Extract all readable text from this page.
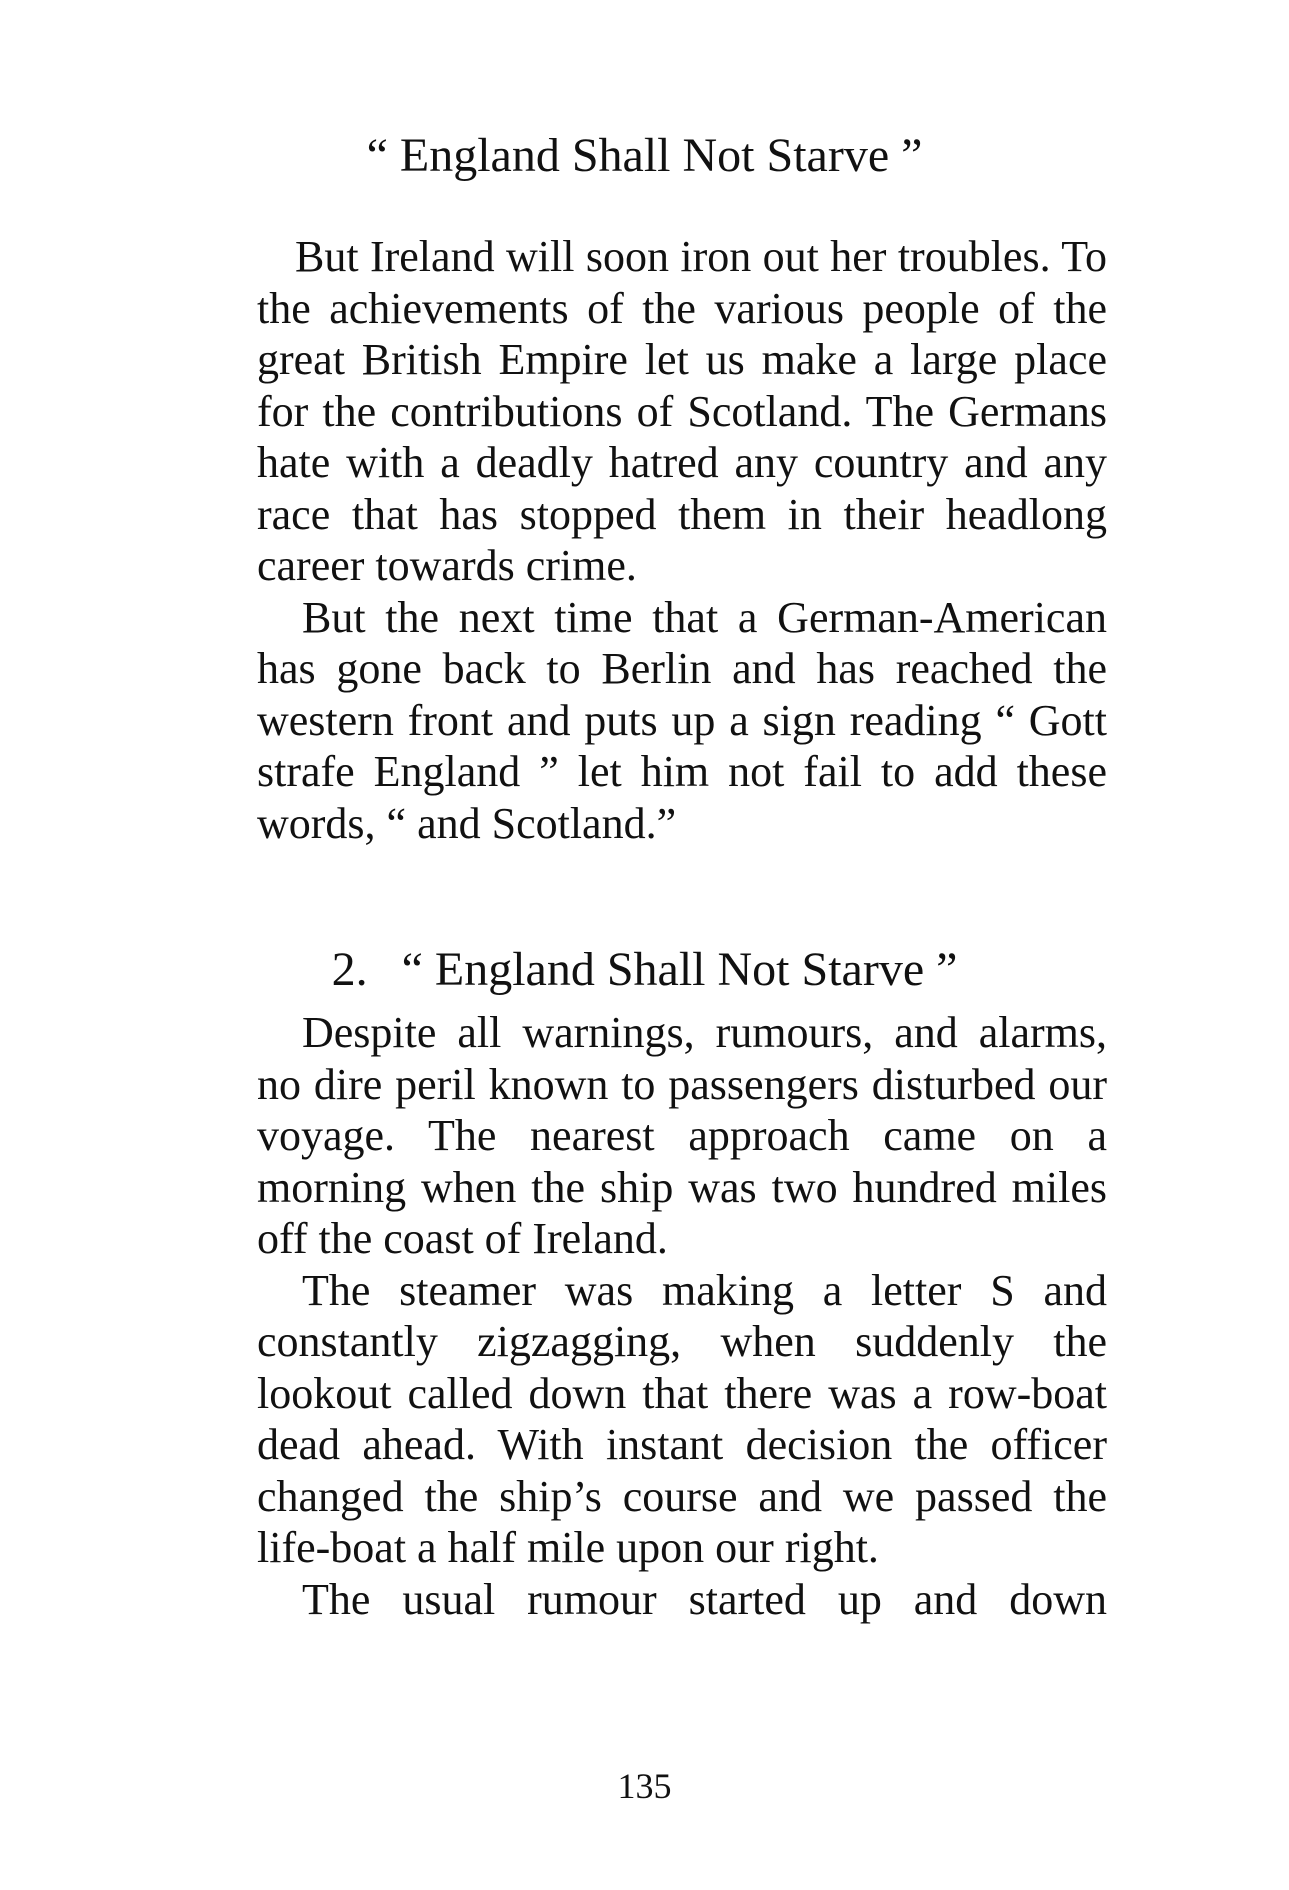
“ England Shall Not Starve ”

But Ireland will soon iron out her troubles. To the achievements of the various people of the great British Empire let us make a large place for the contributions of Scotland. The Germans hate with a deadly hatred any country and any race that has stopped them in their headlong career towards crime.

But the next time that a German-American has gone back to Berlin and has reached the western front and puts up a sign reading “ Gott strafe England ” let him not fail to add these words, “ and Scotland.”

2. “ England Shall Not Starve ”

Despite all warnings, rumours, and alarms, no dire peril known to passengers disturbed our voyage. The nearest approach came on a morning when the ship was two hundred miles off the coast of Ireland.

The steamer was making a letter S and constantly zigzagging, when suddenly the lookout called down that there was a row-boat dead ahead. With instant decision the officer changed the ship’s course and we passed the life-boat a half mile upon our right.

The usual rumour started up and down

135
